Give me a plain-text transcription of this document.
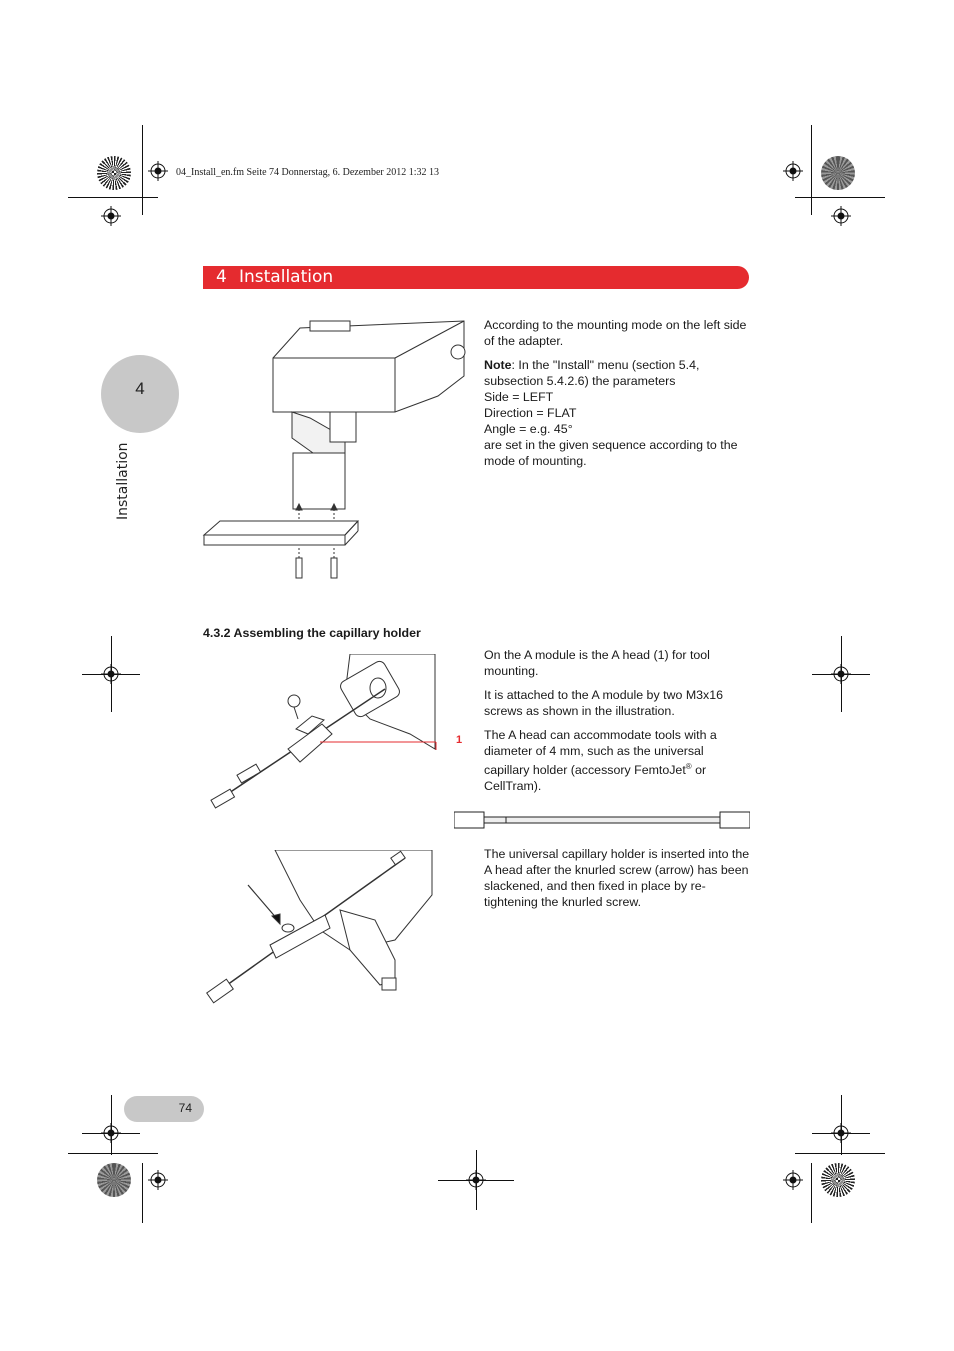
04_Install_en.fm Seite 74 Donnerstag, 6. Dezember 2012 1:32 13
4 Installation
4
Installation

According to the mounting mode on the left side of the adapter.

Note: In the "Install" menu (section 5.4, subsection 5.4.2.6) the parameters
Side = LEFT
Direction = FLAT
Angle = e.g. 45°
are set in the given sequence according to the mode of mounting.

4.3.2 Assembling the capillary holder
1

On the A module is the A head (1) for tool mounting.

It is attached to the A module by two M3x16 screws as shown in the illustration.

The A head can accommodate tools with a diameter of 4 mm, such as the universal capillary holder (accessory FemtoJet® or CellTram).

The universal capillary holder is inserted into the A head after the knurled screw (arrow) has been slackened, and then fixed in place by re-tightening the knurled screw.

74
